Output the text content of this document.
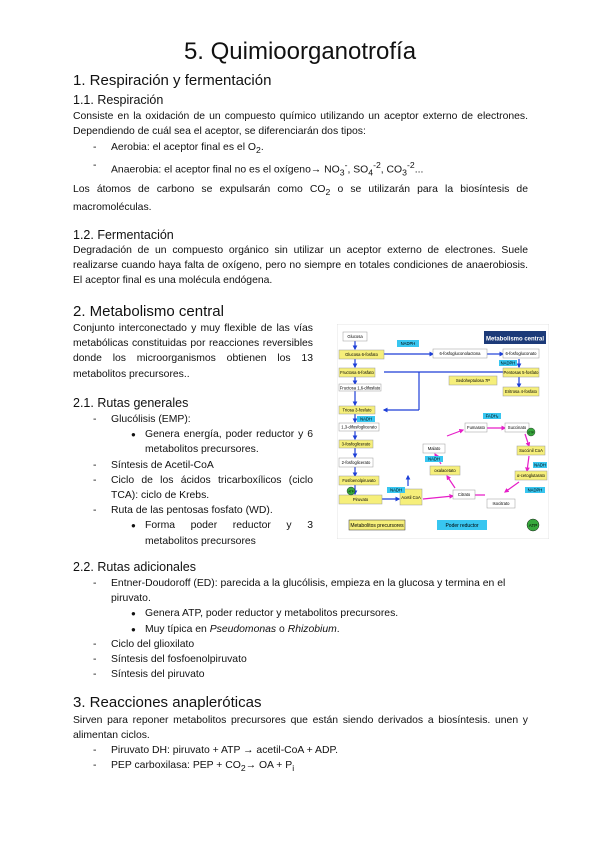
5. Quimioorganotrofía
1. Respiración y fermentación
1.1. Respiración

Consiste en la oxidación de un compuesto químico utilizando un aceptor externo de electrones. Dependiendo de cuál sea el aceptor, se diferenciarán dos tipos:

- Aerobia: el aceptor final es el $O_2$.
- Anaerobia: el aceptor final no es el oxígeno→ $NO_3^-$, $SO_4^{-2}$, $CO_3^{-2}$...

Los átomos de carbono se expulsarán como $CO_2$ o se utilizarán para la biosíntesis de macromoléculas.

1.2. Fermentación

Degradación de un compuesto orgánico sin utilizar un aceptor externo de electrones. Suele realizarse cuando haya falta de oxígeno, pero no siempre en totales condiciones de anaerobiosis. El aceptor final es una molécula endógena.

2. Metabolismo central

Conjunto interconectado y muy flexible de las vías metabólicas constituidas por reacciones reversibles donde los microorganismos obtienen los 13 metabolitos precursores..

2.1. Rutas generales
- Glucólisis (EMP):
● Genera energía, poder reductor y 6 metabolitos precursores.
- Síntesis de Acetil-CoA
- Ciclo de los ácidos tricarboxílicos (ciclo TCA): ciclo de Krebs.
- Ruta de las pentosas fosfato (WD).
● Forma poder reductor y 3 metabolitos precursores
Metabolismo central
Glucosa
Glucosa 6-fosfato
Fructosa 6-fosfato
Fructosa 1,6-difosfato
Triosa 3-fosfato
1,3-difosfoglicerato
3-fosfoglicerato
2-fosfoglicerato
Fosfoenolpiruvato
Piruvato	Acetil CoA
6-fosfogluconolactona	6-fosfogluconato
Pentosas 5-fosfato
Sedoheptulosa 7P
Eritrosa 4-fosfato
Fumarato	Succinato
Malato	Succinil CoA
oxalacetato
α-cetoglutarato
Citrato
Isocitrato
NADPH
NADPH
NADH
NADH
NADH
NADH
NADPH
FADH₂
ATP
GTP
Metabolitos precursores	Poder reductor	ATP
2.2. Rutas adicionales
- Entner-Doudoroff (ED): parecida a la glucólisis, empieza en la glucosa y termina en el piruvato.
● Genera ATP, poder reductor y metabolitos precursores.
● Muy típica en Pseudomonas o Rhizobium.
- Ciclo del glioxilato
- Síntesis del fosfoenolpiruvato
- Síntesis del piruvato
3. Reacciones anapleróticas

Sirven para reponer metabolitos precursores que están siendo derivados a biosíntesis. unen y alimentan ciclos.

- Piruvato DH: piruvato + ATP → acetil-CoA + ADP.
- PEP carboxilasa: PEP + $CO_2\to$ OA + $P_i$
